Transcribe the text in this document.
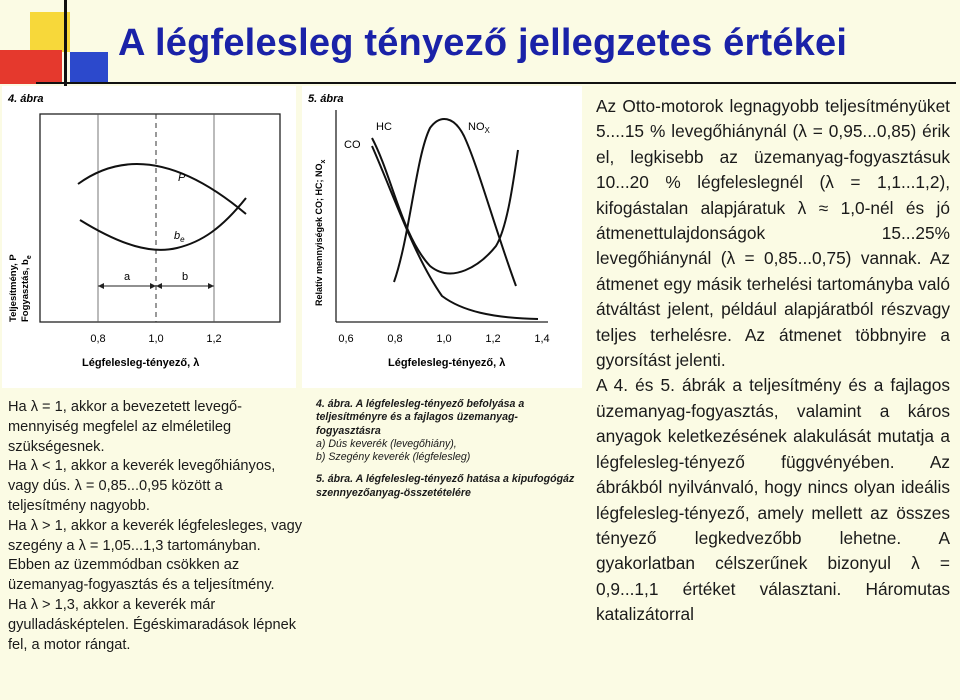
A légfelesleg tényező jellegzetes értékei
4. ábra
P
$b_e$
a	b
0,8	1,0	1,2
Légfelesleg-tényező, λ
Teljesítmény, P Fogyasztás, $b_e$
5. ábra
CO
HC	$NO_X$
0,6	0,8	1,0	1,2	1,4
Légfelesleg-tényező, λ
Relatív mennyiségek CO; HC; $NO_x$

Ha λ = 1, akkor a bevezetett levegő-mennyiség megfelel az elméletileg szükségesnek.

Ha λ < 1, akkor a keverék levegőhiányos, vagy dús. λ = 0,85...0,95 között a teljesítmény nagyobb.

Ha λ > 1, akkor a keverék légfelesleges, vagy szegény a λ = 1,05...1,3 tartományban. Ebben az üzemmódban csökken az üzemanyag-fogyasztás és a teljesítmény.

Ha λ > 1,3, akkor a keverék már gyulladásképtelen. Égéskimaradások lépnek fel, a motor rángat.

4. ábra. A légfelesleg-tényező befolyása a teljesítményre és a fajlagos üzemanyag-fogyasztásra

a) Dús keverék (levegőhiány),

b) Szegény keverék (légfelesleg)

5. ábra. A légfelesleg-tényező hatása a kipufogógáz szennyezőanyag-összetételére

Az Otto-motorok legnagyobb teljesítményüket 5....15 % levegőhiánynál (λ = 0,95...0,85) érik el, legkisebb az üzemanyag-fogyasztásuk 10...20 % légfeleslegnél (λ = 1,1...1,2), kifogástalan alapjáratuk λ ≈ 1,0-nél és jó átmenettulajdonságok 15...25% levegőhiánynál (λ = 0,85...0,75) vannak. Az átmenet egy másik terhelési tartományba való átváltást jelent, például alapjáratból részvagy teljes terhelésre. Az átmenet többnyire a gyorsítást jelenti.

A 4. és 5. ábrák a teljesítmény és a fajlagos üzemanyag-fogyasztás, valamint a káros anyagok keletkezésének alakulását mutatja a légfelesleg-tényező függvényében. Az ábrákból nyilvánvaló, hogy nincs olyan ideális légfelesleg-tényező, amely mellett az összes tényező legkedvezőbb lehetne. A gyakorlatban célszerűnek bizonyul λ = 0,9...1,1 értéket választani. Háromutas katalizátorral
